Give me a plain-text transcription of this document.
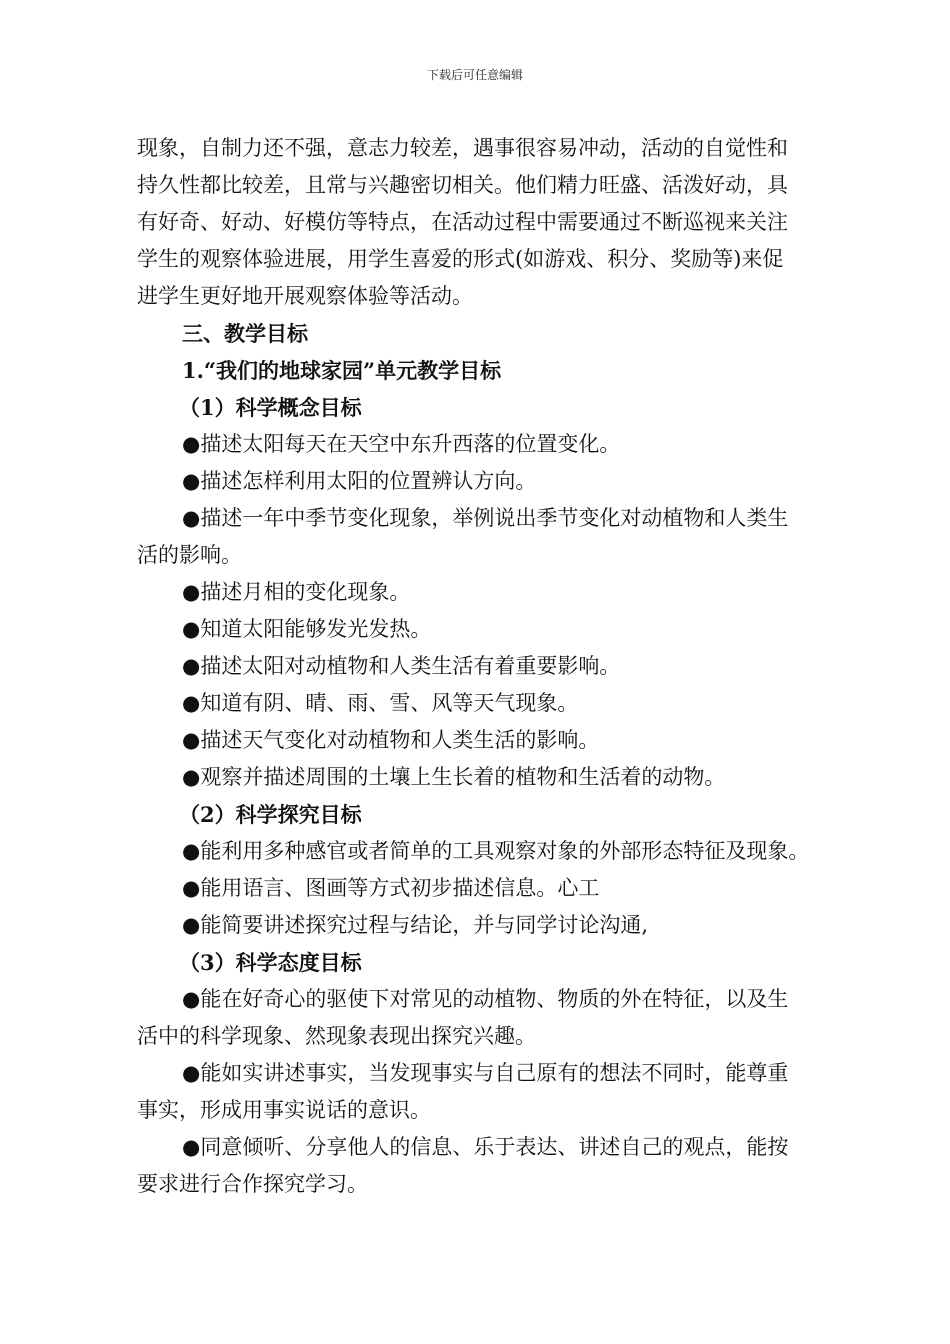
下载后可任意编辑
现象，自制力还不强，意志力较差，遇事很容易冲动，活动的自觉性和
持久性都比较差，且常与兴趣密切相关。他们精力旺盛、活泼好动，具
有好奇、好动、好模仿等特点，在活动过程中需要通过不断巡视来关注
学生的观察体验进展，用学生喜爱的形式(如游戏、积分、奖励等)来促
进学生更好地开展观察体验等活动。
三、教学目标
1.“我们的地球家园”单元教学目标
（1）科学概念目标
●描述太阳每天在天空中东升西落的位置变化。
●描述怎样利用太阳的位置辨认方向。
●描述一年中季节变化现象，举例说出季节变化对动植物和人类生
活的影响。
●描述月相的变化现象。
●知道太阳能够发光发热。
●描述太阳对动植物和人类生活有着重要影响。
●知道有阴、晴、雨、雪、风等天气现象。
●描述天气变化对动植物和人类生活的影响。
●观察并描述周围的土壤上生长着的植物和生活着的动物。
（2）科学探究目标
●能利用多种感官或者简单的工具观察对象的外部形态特征及现象。
●能用语言、图画等方式初步描述信息。心工
●能简要讲述探究过程与结论，并与同学讨论沟通,
（3）科学态度目标
●能在好奇心的驱使下对常见的动植物、物质的外在特征，以及生
活中的科学现象、然现象表现出探究兴趣。
●能如实讲述事实，当发现事实与自己原有的想法不同时，能尊重
事实，形成用事实说话的意识。
●同意倾听、分享他人的信息、乐于表达、讲述自己的观点，能按
要求进行合作探究学习。
